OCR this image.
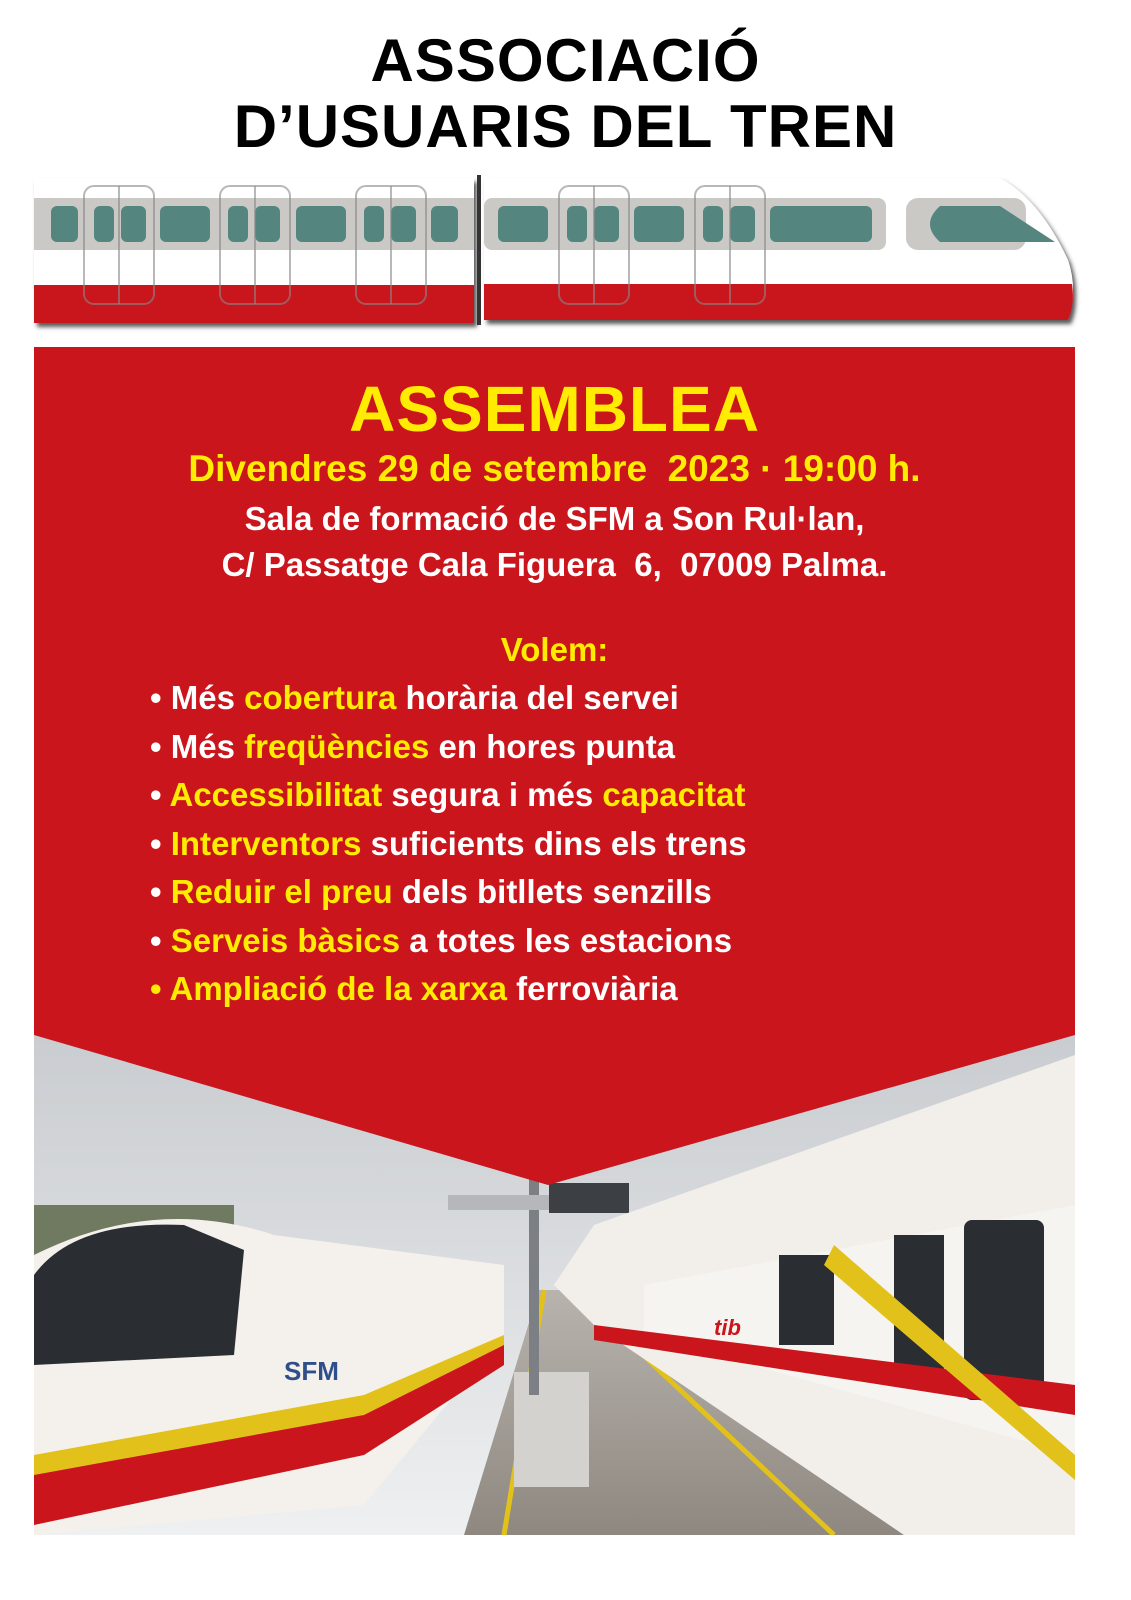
ASSOCIACIÓ
D’USUARIS DEL TREN
SFM
tib
ASSEMBLEA
Divendres 29 de setembre  2023 · 19:00 h.
Sala de formació de SFM a Son Rul·lan,
C/ Passatge Cala Figuera  6,  07009 Palma.
Volem:
• Més cobertura horària del servei
• Més freqüències en hores punta
• Accessibilitat segura i més capacitat
• Interventors suficients dins els trens
• Reduir el preu dels bitllets senzills
• Serveis bàsics a totes les estacions
• Ampliació de la xarxa ferroviària
